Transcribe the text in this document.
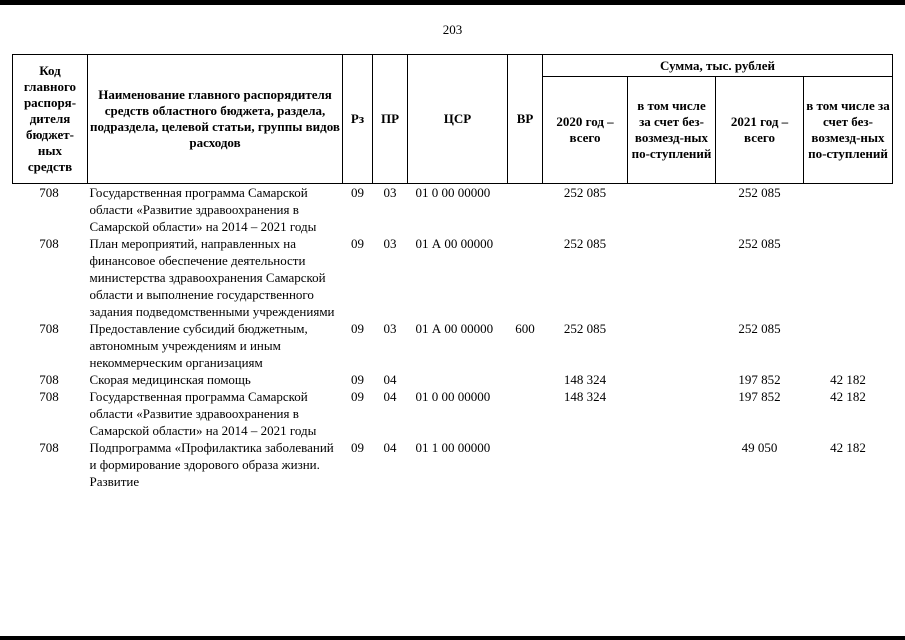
203
Код главного распоря-дителя бюджет-ных средств	Наименование главного распорядителя средств областного бюджета, раздела, подраздела, целевой статьи, группы видов расходов	Рз	ПР	ЦСР	ВР	Сумма, тыс. рублей			
						2020 год – всего	в том числе за счет без-возмезд-ных по-ступлений	2021 год – всего	в том числе за счет без-возмезд-ных по-ступлений
708	Государственная программа Самарской области «Развитие здравоохранения в Самарской области» на 2014 – 2021 годы	09	03	01 0 00 00000		252 085		252 085	
708	План мероприятий, направленных на финансовое обеспечение деятельности министерства здравоохранения Самарской области и выполнение государственного задания подведомственными учреждениями	09	03	01 А 00 00000		252 085		252 085	
708	Предоставление субсидий бюджетным, автономным учреждениям и иным некоммерческим организациям	09	03	01 А 00 00000	600	252 085		252 085	
708	Скорая медицинская помощь	09	04			148 324		197 852	42 182
708	Государственная программа Самарской области «Развитие здравоохранения в Самарской области» на 2014 – 2021 годы	09	04	01 0 00 00000		148 324		197 852	42 182
708	Подпрограмма «Профилактика заболеваний и формирование здорового образа жизни. Развитие	09	04	01 1 00 00000				49 050	42 182
